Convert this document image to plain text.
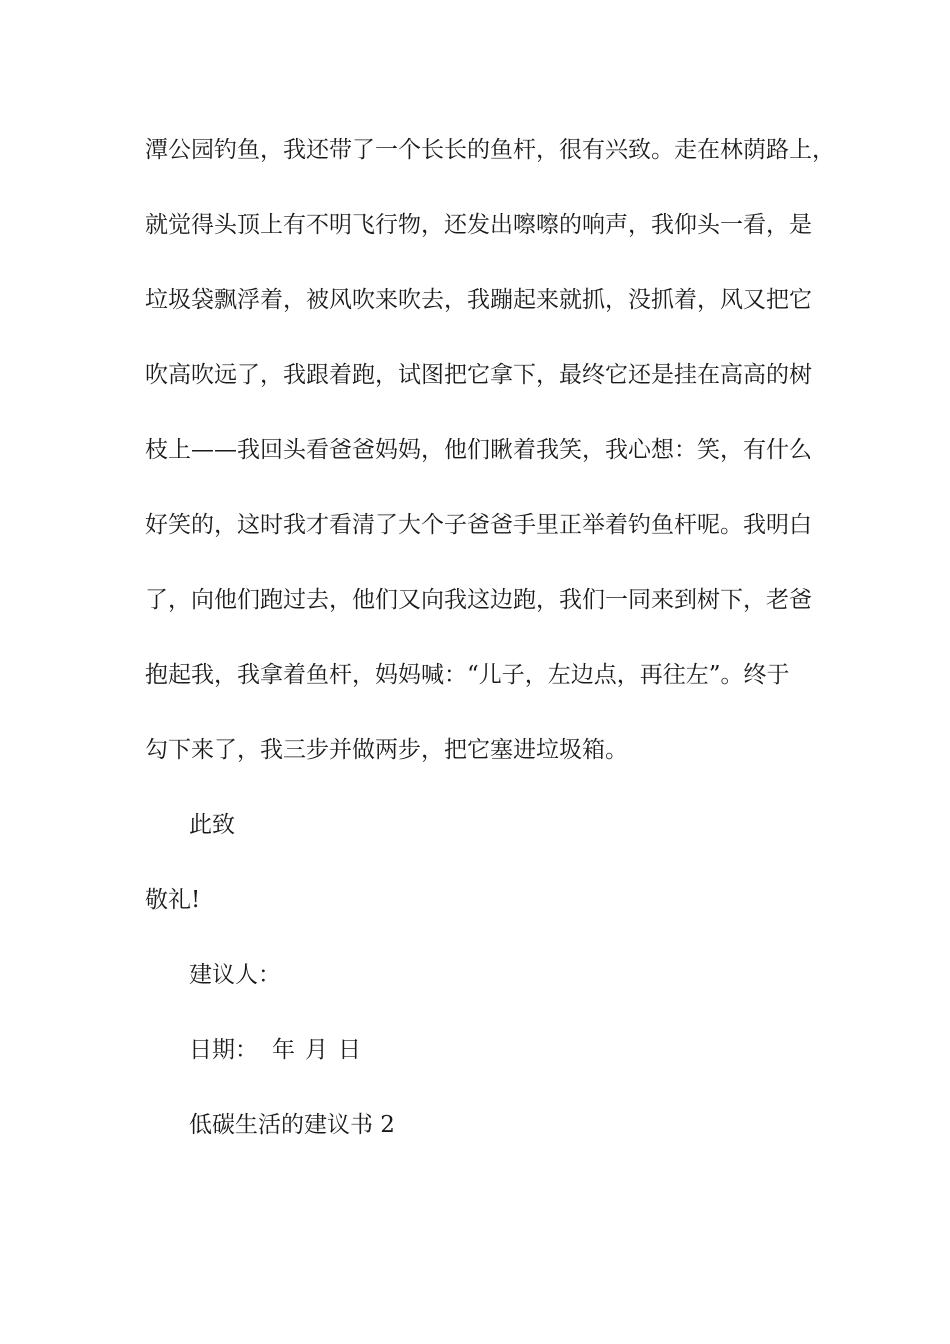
潭公园钓鱼，我还带了一个长长的鱼杆，很有兴致。走在林荫路上，
就觉得头顶上有不明飞行物，还发出嚓嚓的响声，我仰头一看，是
垃圾袋飘浮着，被风吹来吹去，我蹦起来就抓，没抓着，风又把它
吹高吹远了，我跟着跑，试图把它拿下，最终它还是挂在高高的树
枝上——我回头看爸爸妈妈，他们瞅着我笑，我心想：笑，有什么
好笑的，这时我才看清了大个子爸爸手里正举着钓鱼杆呢。我明白
了，向他们跑过去，他们又向我这边跑，我们一同来到树下，老爸
抱起我，我拿着鱼杆，妈妈喊：“儿子，左边点，再往左”。终于
勾下来了，我三步并做两步，把它塞进垃圾箱。
此致
敬礼!
建议人：
日期： 年 月 日
低碳生活的建议书 2
